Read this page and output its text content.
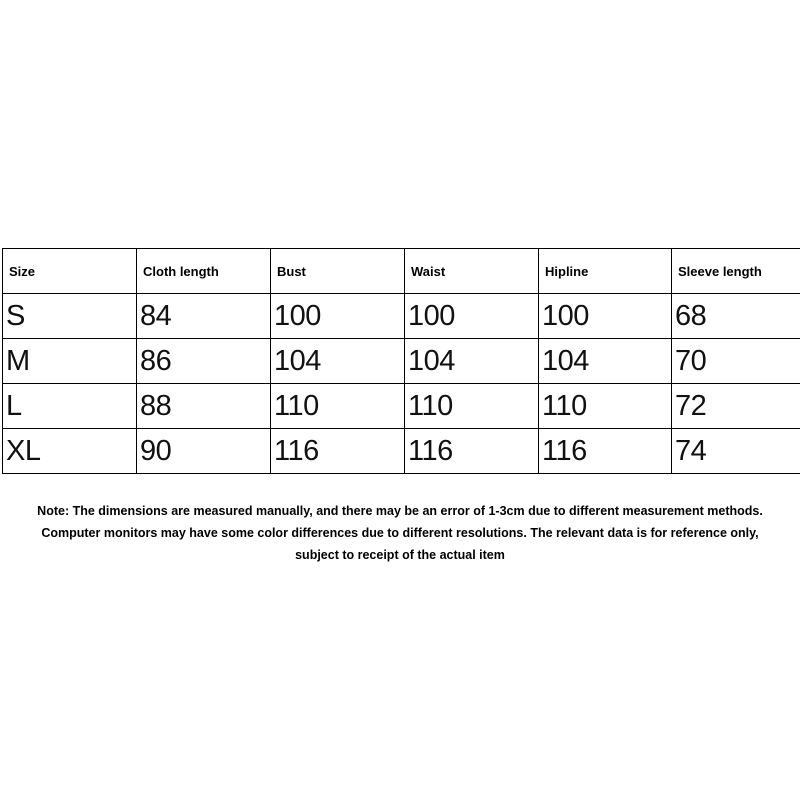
Size	Cloth length	Bust	Waist	Hipline	Sleeve length
S	84	100	100	100	68
M	86	104	104	104	70
L	88	110	110	110	72
XL	90	116	116	116	74
Note: The dimensions are measured manually, and there may be an error of 1-3cm due to different measurement methods.
Computer monitors may have some color differences due to different resolutions. The relevant data is for reference only,
subject to receipt of the actual item
